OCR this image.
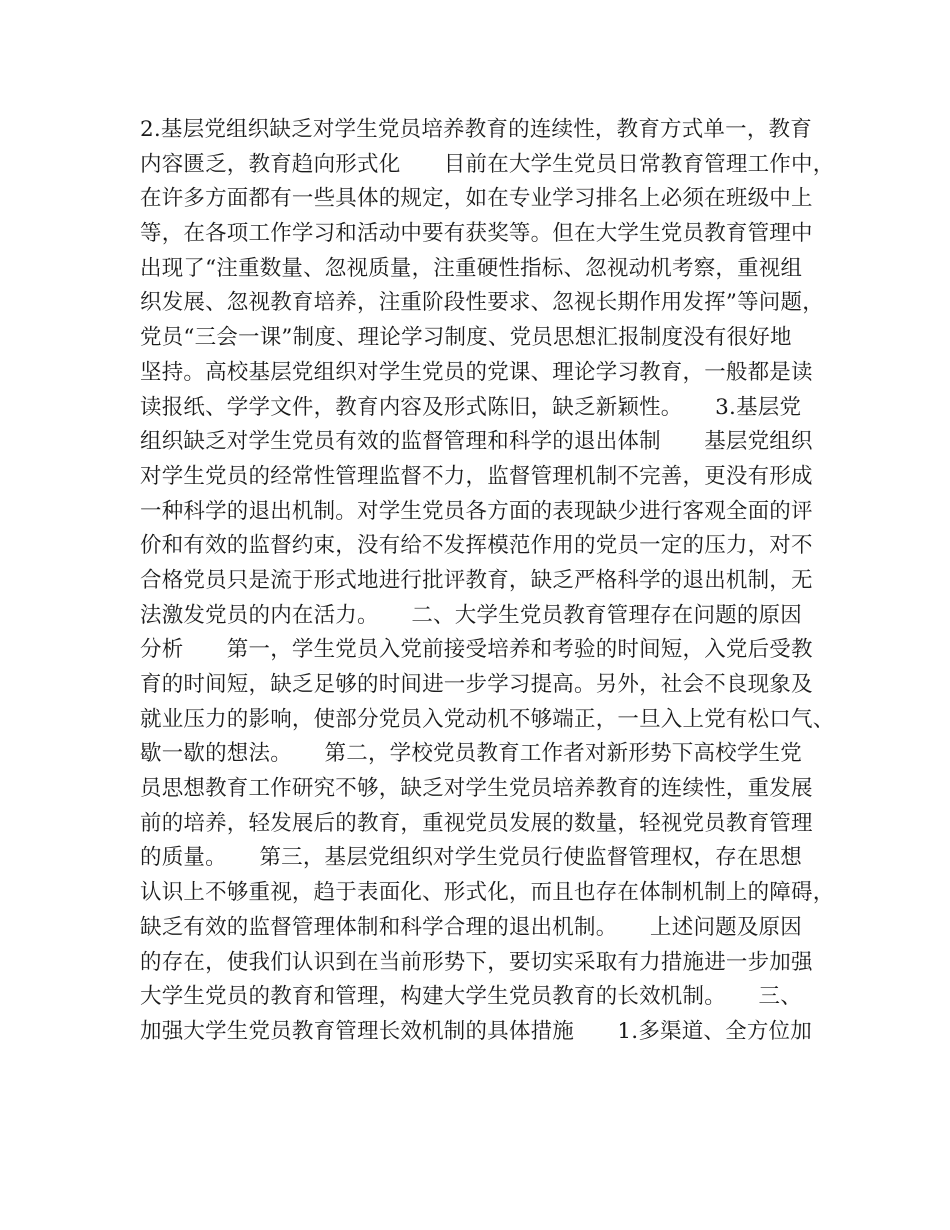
2.基层党组织缺乏对学生党员培养教育的连续性，教育方式单一，教育
内容匮乏，教育趋向形式化　　目前在大学生党员日常教育管理工作中，
在许多方面都有一些具体的规定，如在专业学习排名上必须在班级中上
等，在各项工作学习和活动中要有获奖等。但在大学生党员教育管理中
出现了“注重数量、忽视质量，注重硬性指标、忽视动机考察，重视组
织发展、忽视教育培养，注重阶段性要求、忽视长期作用发挥”等问题，
党员“三会一课”制度、理论学习制度、党员思想汇报制度没有很好地
坚持。高校基层党组织对学生党员的党课、理论学习教育，一般都是读
读报纸、学学文件，教育内容及形式陈旧，缺乏新颖性。　　3.基层党
组织缺乏对学生党员有效的监督管理和科学的退出体制　　基层党组织
对学生党员的经常性管理监督不力，监督管理机制不完善，更没有形成
一种科学的退出机制。对学生党员各方面的表现缺少进行客观全面的评
价和有效的监督约束，没有给不发挥模范作用的党员一定的压力，对不
合格党员只是流于形式地进行批评教育，缺乏严格科学的退出机制，无
法激发党员的内在活力。　　二、大学生党员教育管理存在问题的原因
分析　　第一，学生党员入党前接受培养和考验的时间短，入党后受教
育的时间短，缺乏足够的时间进一步学习提高。另外，社会不良现象及
就业压力的影响，使部分党员入党动机不够端正，一旦入上党有松口气、
歇一歇的想法。　　第二，学校党员教育工作者对新形势下高校学生党
员思想教育工作研究不够，缺乏对学生党员培养教育的连续性，重发展
前的培养，轻发展后的教育，重视党员发展的数量，轻视党员教育管理
的质量。　　第三，基层党组织对学生党员行使监督管理权，存在思想
认识上不够重视，趋于表面化、形式化，而且也存在体制机制上的障碍，
缺乏有效的监督管理体制和科学合理的退出机制。　　上述问题及原因
的存在，使我们认识到在当前形势下，要切实采取有力措施进一步加强
大学生党员的教育和管理，构建大学生党员教育的长效机制。　　三、
加强大学生党员教育管理长效机制的具体措施　　1.多渠道、全方位加
